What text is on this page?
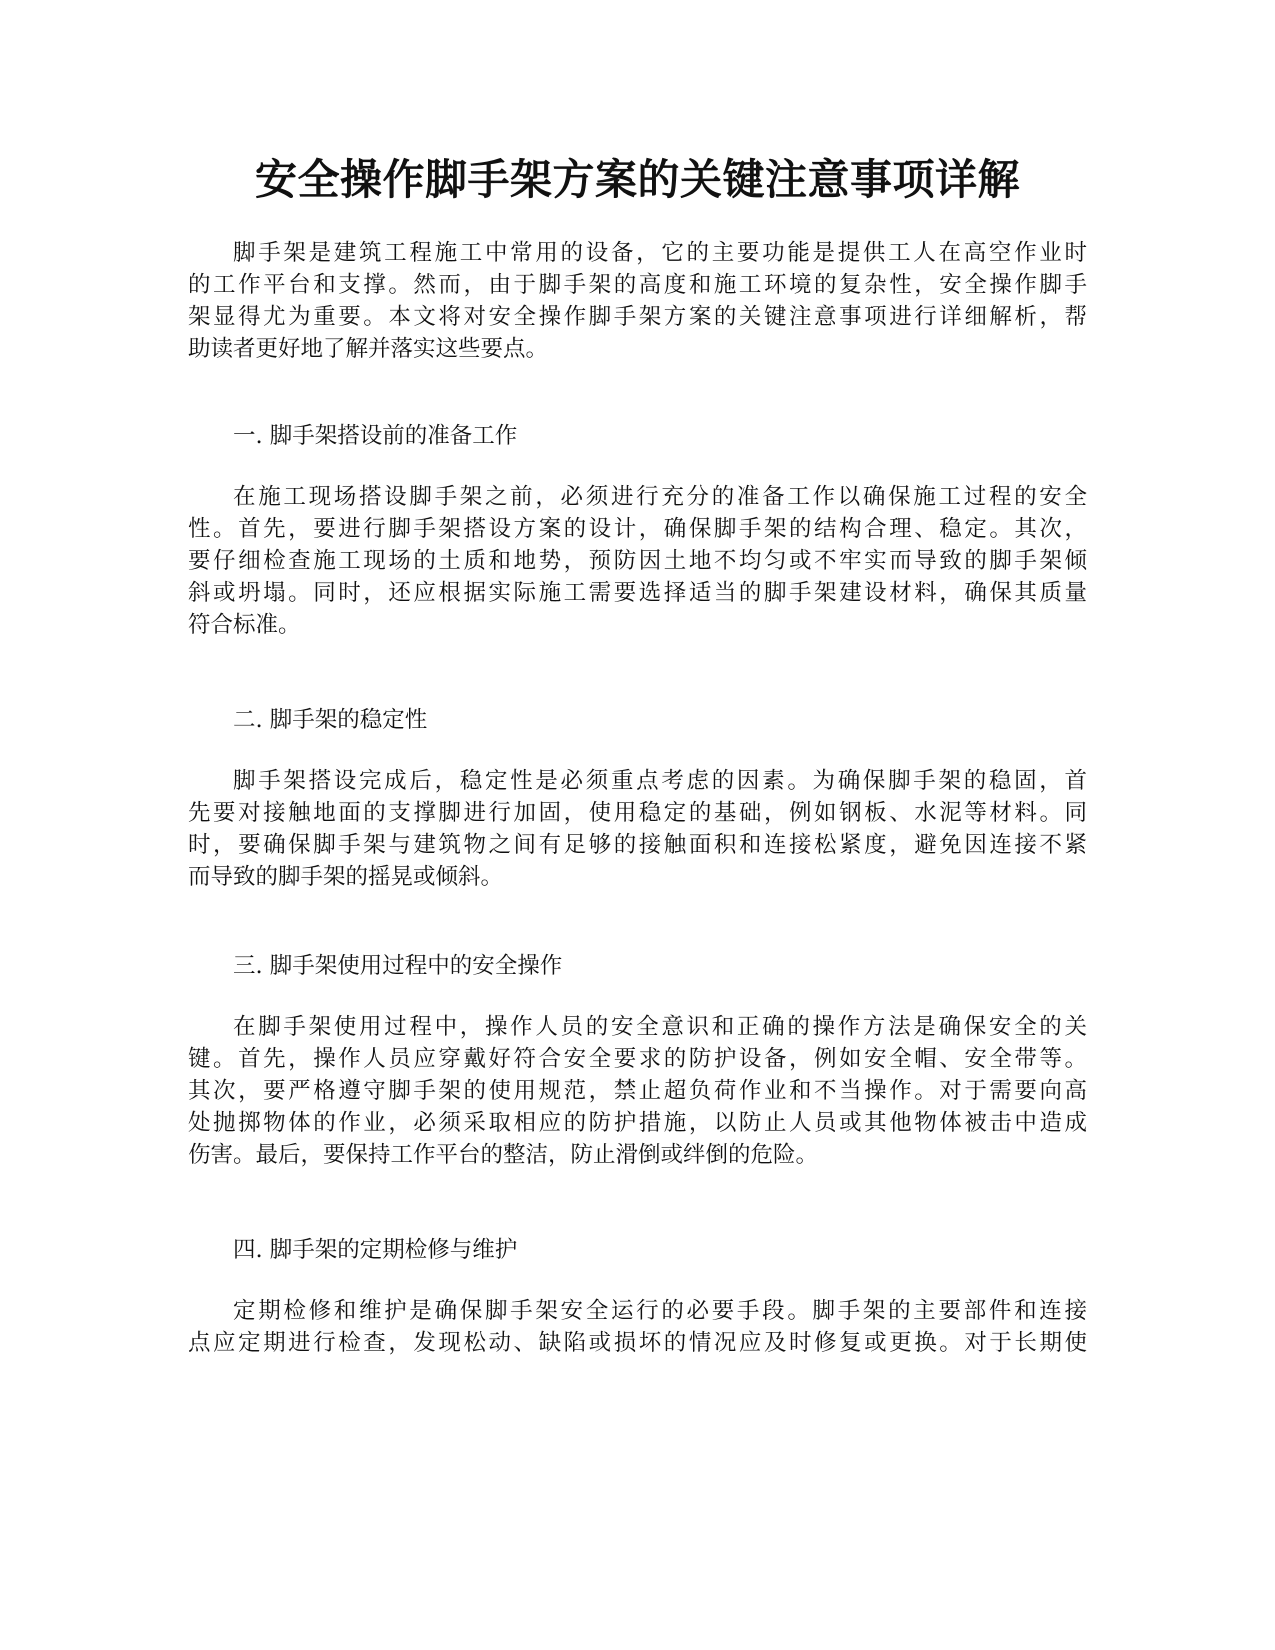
安全操作脚手架方案的关键注意事项详解
脚手架是建筑工程施工中常用的设备，它的主要功能是提供工人在高空作业时
的工作平台和支撑。然而，由于脚手架的高度和施工环境的复杂性，安全操作脚手
架显得尤为重要。本文将对安全操作脚手架方案的关键注意事项进行详细解析，帮
助读者更好地了解并落实这些要点。
一. 脚手架搭设前的准备工作
在施工现场搭设脚手架之前，必须进行充分的准备工作以确保施工过程的安全
性。首先，要进行脚手架搭设方案的设计，确保脚手架的结构合理、稳定。其次，
要仔细检查施工现场的土质和地势，预防因土地不均匀或不牢实而导致的脚手架倾
斜或坍塌。同时，还应根据实际施工需要选择适当的脚手架建设材料，确保其质量
符合标准。
二. 脚手架的稳定性
脚手架搭设完成后，稳定性是必须重点考虑的因素。为确保脚手架的稳固，首
先要对接触地面的支撑脚进行加固，使用稳定的基础，例如钢板、水泥等材料。同
时，要确保脚手架与建筑物之间有足够的接触面积和连接松紧度，避免因连接不紧
而导致的脚手架的摇晃或倾斜。
三. 脚手架使用过程中的安全操作
在脚手架使用过程中，操作人员的安全意识和正确的操作方法是确保安全的关
键。首先，操作人员应穿戴好符合安全要求的防护设备，例如安全帽、安全带等。
其次，要严格遵守脚手架的使用规范，禁止超负荷作业和不当操作。对于需要向高
处抛掷物体的作业，必须采取相应的防护措施，以防止人员或其他物体被击中造成
伤害。最后，要保持工作平台的整洁，防止滑倒或绊倒的危险。
四. 脚手架的定期检修与维护
定期检修和维护是确保脚手架安全运行的必要手段。脚手架的主要部件和连接
点应定期进行检查，发现松动、缺陷或损坏的情况应及时修复或更换。对于长期使
